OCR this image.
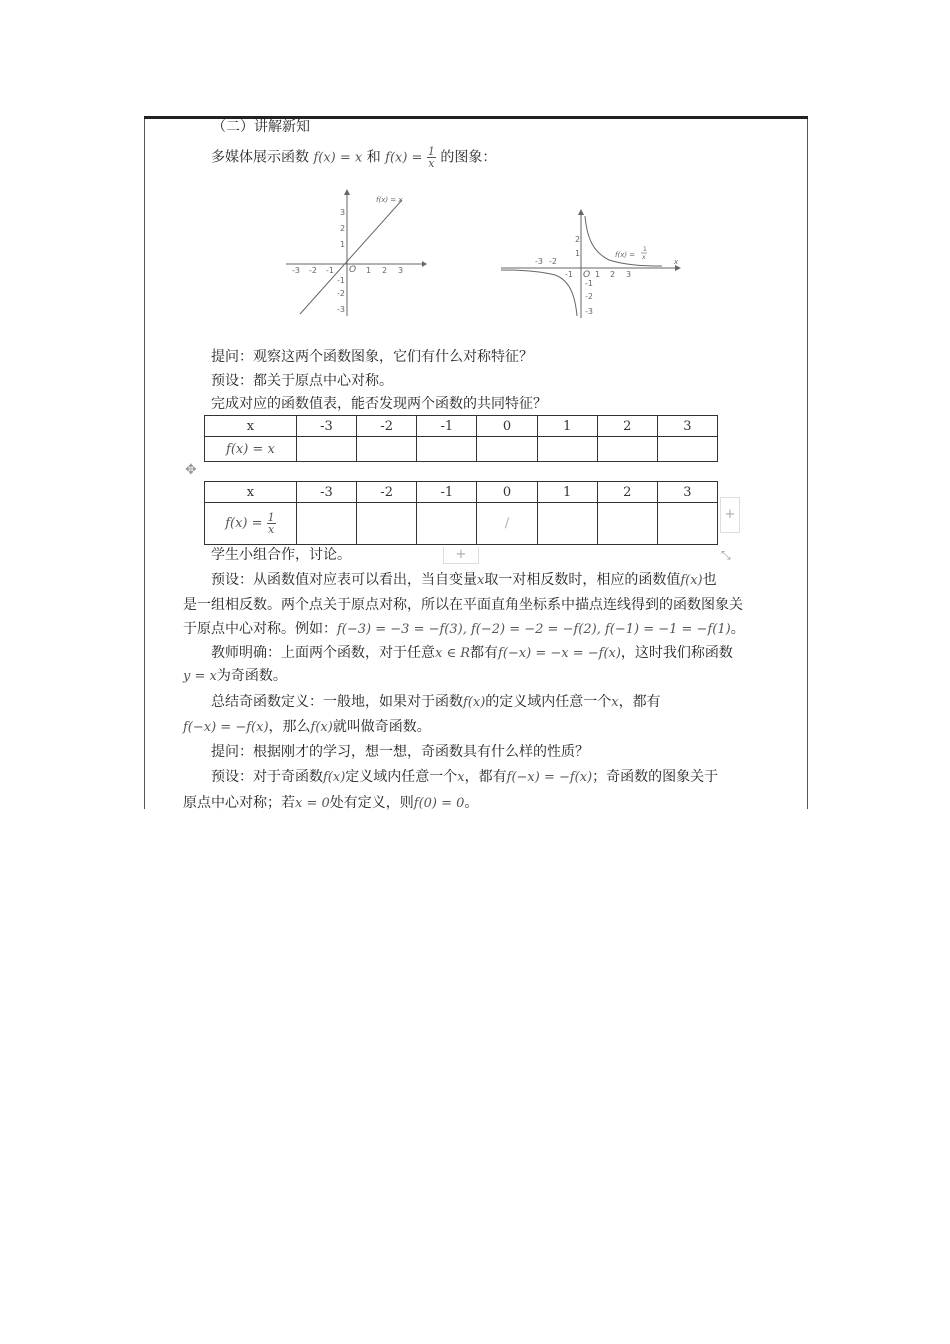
（二）讲解新知
多媒体展示函数 f(x) = x 和 $f(x) = \frac{1}{x}$ 的图象：
-3 -2 -1	1 2 3
3
2
1
-1
-2
-3
O
f(x) = x
-3 -2
-1	1 2 3
2
1
-1
-2
-3
O
x
f(x) =
1
x
提问：观察这两个函数图象，它们有什么对称特征？
预设：都关于原点中心对称。
完成对应的函数值表，能否发现两个函数的共同特征？
x	-3	-2	-1	0	1	2	3
f(x) = x							
✥
x	-3	-2	-1	0	1	2	3
$f(x) = \frac{1}{x}$				/			
+
+	⤡
学生小组合作，讨论。
预设：从函数值对应表可以看出，当自变量x取一对相反数时，相应的函数值f(x)也
是一组相反数。两个点关于原点对称，所以在平面直角坐标系中描点连线得到的函数图象关
于原点中心对称。例如：f(−3) = −3 = −f(3), f(−2) = −2 = −f(2), f(−1) = −1 = −f(1)。
教师明确：上面两个函数，对于任意x ∈ R都有f(−x) = −x = −f(x)，这时我们称函数
y = x为奇函数。
总结奇函数定义：一般地，如果对于函数f(x)的定义域内任意一个x，都有
f(−x) = −f(x)，那么f(x)就叫做奇函数。
提问：根据刚才的学习，想一想，奇函数具有什么样的性质？
预设：对于奇函数f(x)定义域内任意一个x，都有f(−x) = −f(x)；奇函数的图象关于
原点中心对称；若x = 0处有定义，则f(0) = 0。
